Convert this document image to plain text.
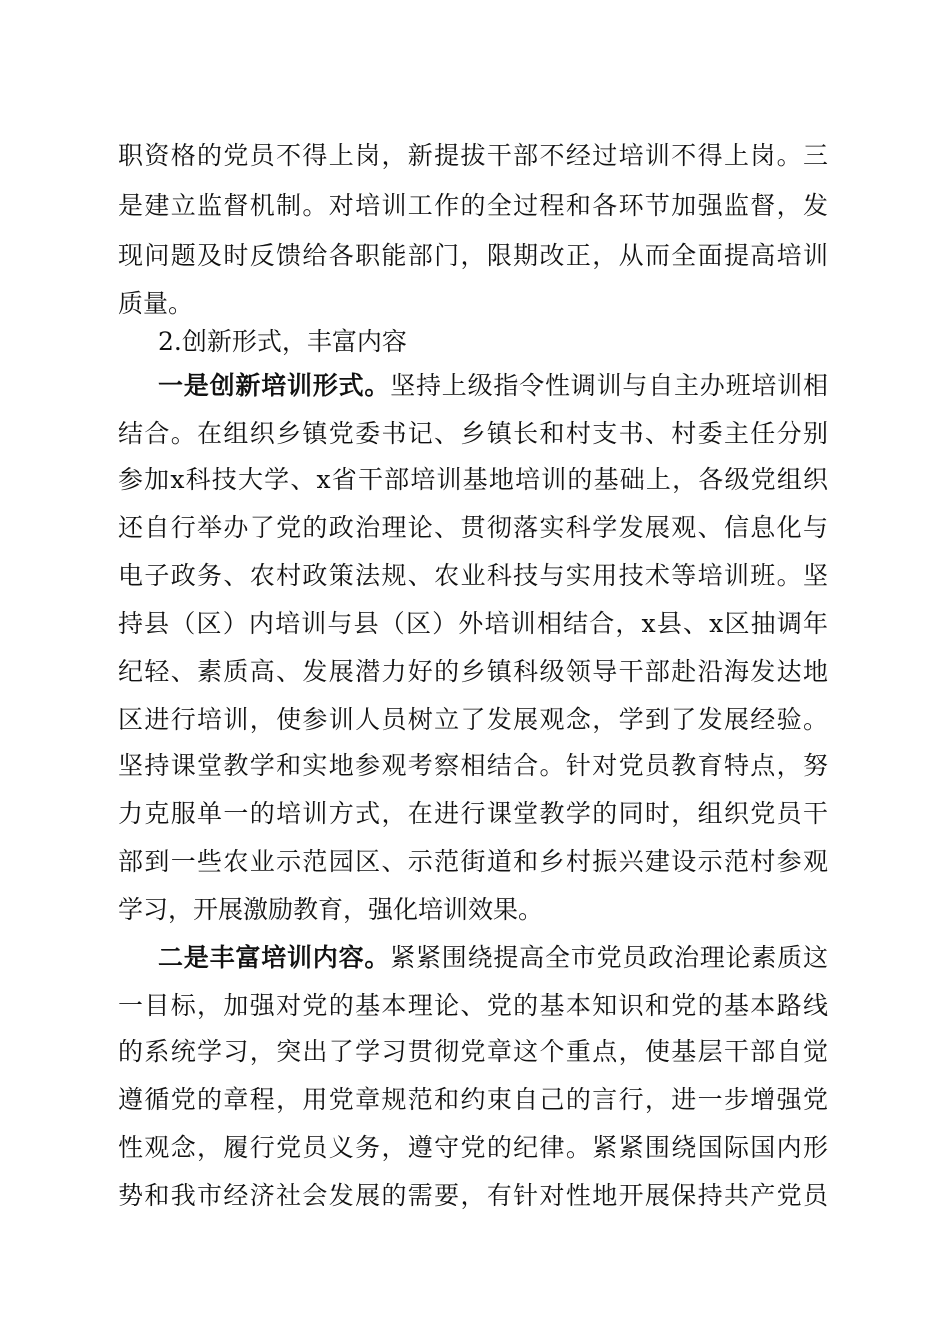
职资格的党员不得上岗，新提拔干部不经过培训不得上岗。三
是建立监督机制。对培训工作的全过程和各环节加强监督，发
现问题及时反馈给各职能部门，限期改正，从而全面提高培训
质量。
2.创新形式，丰富内容
一是创新培训形式。坚持上级指令性调训与自主办班培训相
结合。在组织乡镇党委书记、乡镇长和村支书、村委主任分别
参加x科技大学、x省干部培训基地培训的基础上，各级党组织
还自行举办了党的政治理论、贯彻落实科学发展观、信息化与
电子政务、农村政策法规、农业科技与实用技术等培训班。坚
持县（区）内培训与县（区）外培训相结合，x县、x区抽调年
纪轻、素质高、发展潜力好的乡镇科级领导干部赴沿海发达地
区进行培训，使参训人员树立了发展观念，学到了发展经验。
坚持课堂教学和实地参观考察相结合。针对党员教育特点，努
力克服单一的培训方式，在进行课堂教学的同时，组织党员干
部到一些农业示范园区、示范街道和乡村振兴建设示范村参观
学习，开展激励教育，强化培训效果。
二是丰富培训内容。紧紧围绕提高全市党员政治理论素质这
一目标，加强对党的基本理论、党的基本知识和党的基本路线
的系统学习，突出了学习贯彻党章这个重点，使基层干部自觉
遵循党的章程，用党章规范和约束自己的言行，进一步增强党
性观念，履行党员义务，遵守党的纪律。紧紧围绕国际国内形
势和我市经济社会发展的需要，有针对性地开展保持共产党员
